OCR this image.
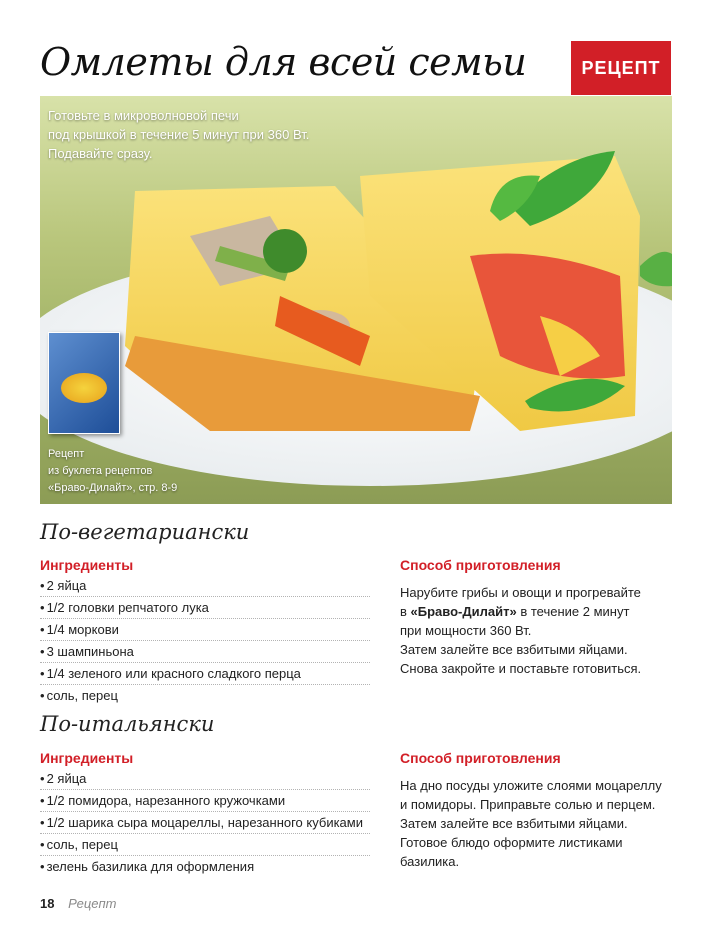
Омлеты для всей семьи	РЕЦЕПТ
Готовьте в микроволновой печи
под крышкой в течение 5 минут при 360 Вт.
Подавайте сразу.
Рецепт
из буклета рецептов
«Браво-Дилайт», стр. 8-9
По-вегетариански
Ингредиенты
• 2 яйца
• 1/2 головки репчатого лука
• 1/4 моркови
• 3 шампиньона
• 1/4 зеленого или красного сладкого перца
• соль, перец
Способ приготовления
Нарубите грибы и овощи и прогревайте
в «Браво-Дилайт» в течение 2 минут
при мощности 360 Вт.
Затем залейте все взбитыми яйцами.
Снова закройте и поставьте готовиться.
По-итальянски
Ингредиенты
• 2 яйца
• 1/2 помидора, нарезанного кружочками
• 1/2 шарика сыра моцареллы, нарезанного кубиками
• соль, перец
• зелень базилика для оформления
Способ приготовления
На дно посуды уложите слоями моцареллу
и помидоры. Приправьте солью и перцем.
Затем залейте все взбитыми яйцами.
Готовое блюдо оформите листиками
базилика.
18 Рецепт
